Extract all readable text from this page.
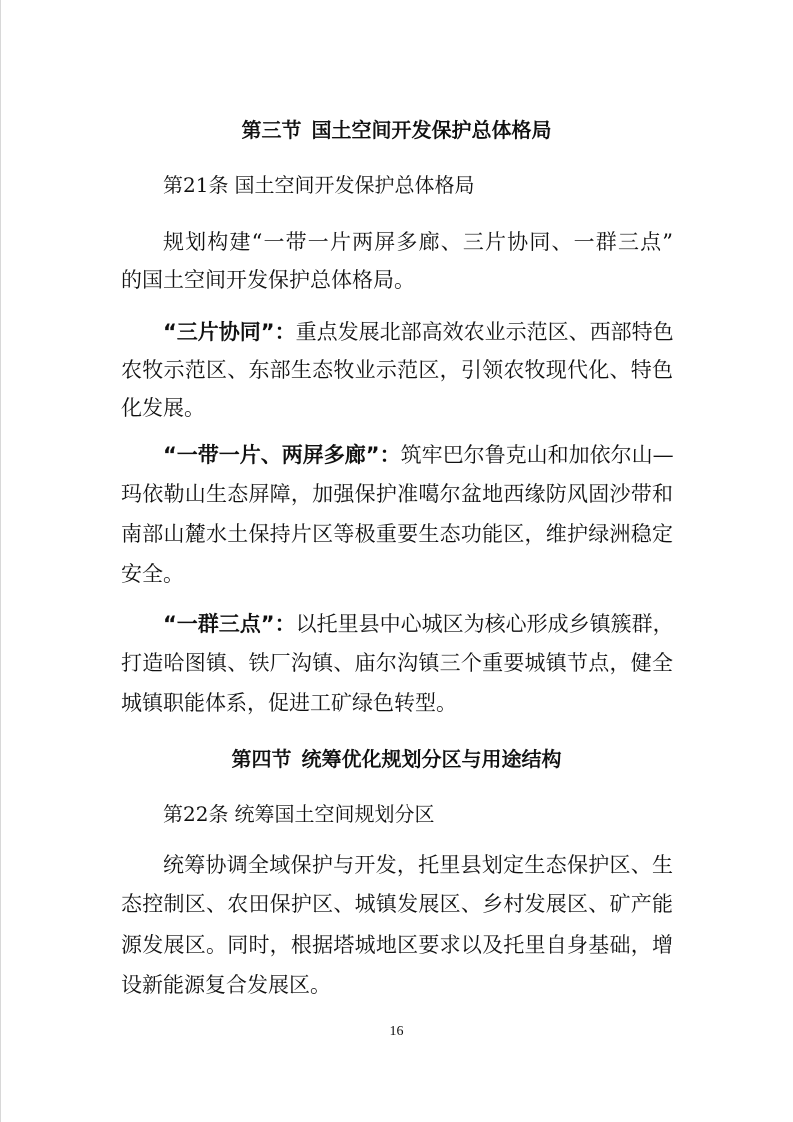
第三节 国土空间开发保护总体格局
第21条 国土空间开发保护总体格局
规划构建“一带一片两屏多廊、三片协同、一群三点”
的国土空间开发保护总体格局。
“三片协同”：重点发展北部高效农业示范区、西部特色
农牧示范区、东部生态牧业示范区，引领农牧现代化、特色
化发展。
“一带一片、两屏多廊”：筑牢巴尔鲁克山和加依尔山—
玛依勒山生态屏障，加强保护准噶尔盆地西缘防风固沙带和
南部山麓水土保持片区等极重要生态功能区，维护绿洲稳定
安全。
“一群三点”：以托里县中心城区为核心形成乡镇簇群，
打造哈图镇、铁厂沟镇、庙尔沟镇三个重要城镇节点，健全
城镇职能体系，促进工矿绿色转型。
第四节 统筹优化规划分区与用途结构
第22条 统筹国土空间规划分区
统筹协调全域保护与开发，托里县划定生态保护区、生
态控制区、农田保护区、城镇发展区、乡村发展区、矿产能
源发展区。同时，根据塔城地区要求以及托里自身基础，增
设新能源复合发展区。
16
